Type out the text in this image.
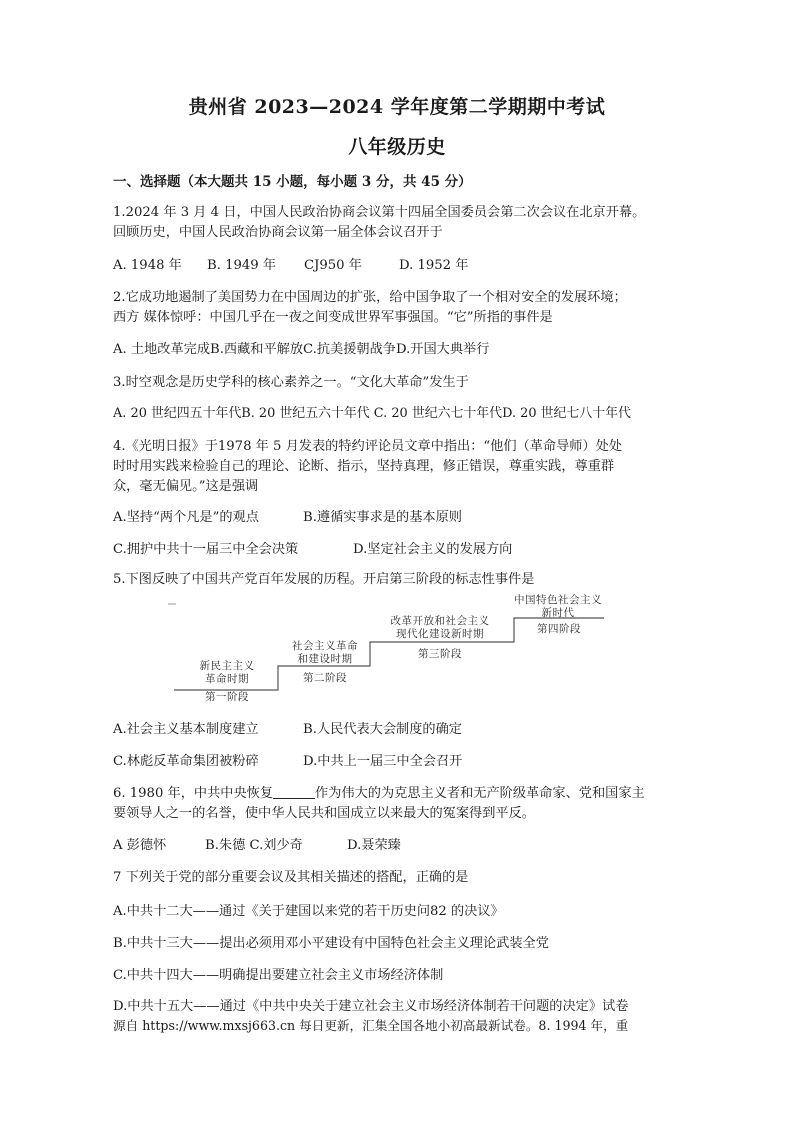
贵州省 2023—2024 学年度第二学期期中考试
八年级历史
一、选择题（本大题共 15 小题，每小题 3 分，共 45 分）
1.2024 年 3 月 4 日，中国人民政治协商会议第十四届全国委员会第二次会议在北京开幕。
回顾历史，中国人民政治协商会议第一届全体会议召开于
A. 1948 年 B. 1949 年 CJ950 年	D. 1952 年
2.它成功地遏制了美国势力在中国周边的扩张，给中国争取了一个相对安全的发展环境；
西方 媒体惊呼：中国几乎在一夜之间变成世界军事强国。“它”所指的事件是
A. 土地改革完成B.西藏和平解放C.抗美援朝战争D.开国大典举行
3.时空观念是历史学科的核心素养之一。“文化大革命”发生于
A. 20 世纪四五十年代B. 20 世纪五六十年代 C. 20 世纪六七十年代D. 20 世纪七八十年代
4.《光明日报》于1978 年 5 月发表的特约评论员文章中指出：“他们（革命导师）处处
时时用实践来检验自己的理论、论断、指示，坚持真理，修正错误，尊重实践，尊重群
众，毫无偏见。”这是强调
A.坚持“两个凡是”的观点	B.遵循实事求是的基本原则
C.拥护中共十一届三中全会决策	D.坚定社会主义的发展方向
5.下图反映了中国共产党百年发展的历程。开启第三阶段的标志性事件是
新民主主义
革命时期
第一阶段
社会主义革命
和建设时期
第二阶段
改革开放和社会主义
现代化建设新时期
第三阶段
中国特色社会主义
新时代
第四阶段
A.社会主义基本制度建立	B.人民代表大会制度的确定
C.林彪反革命集团被粉碎	D.中共上一届三中全会召开
6. 1980 年，中共中央恢复	作为伟大的为克思主义者和无产阶级革命家、党和国家主
要领导人之一的名誉，使中华人民共和国成立以来最大的冤案得到平反。
A 彭德怀	B.朱德 C.刘少奇	D.聂荣臻
7 下列关于党的部分重要会议及其相关描述的搭配，正确的是
A.中共十二大——通过《关于建国以来党的若干历史问82 的决议》
B.中共十三大——提出必须用邓小平建设有中国特色社会主义理论武装全党
C.中共十四大——明确提出要建立社会主义市场经济体制
D.中共十五大——通过《中共中央关于建立社会主义市场经济体制若干问题的决定》试卷
源自 https://www.mxsj663.cn 每日更新，汇集全国各地小初高最新试卷。8. 1994 年，重
